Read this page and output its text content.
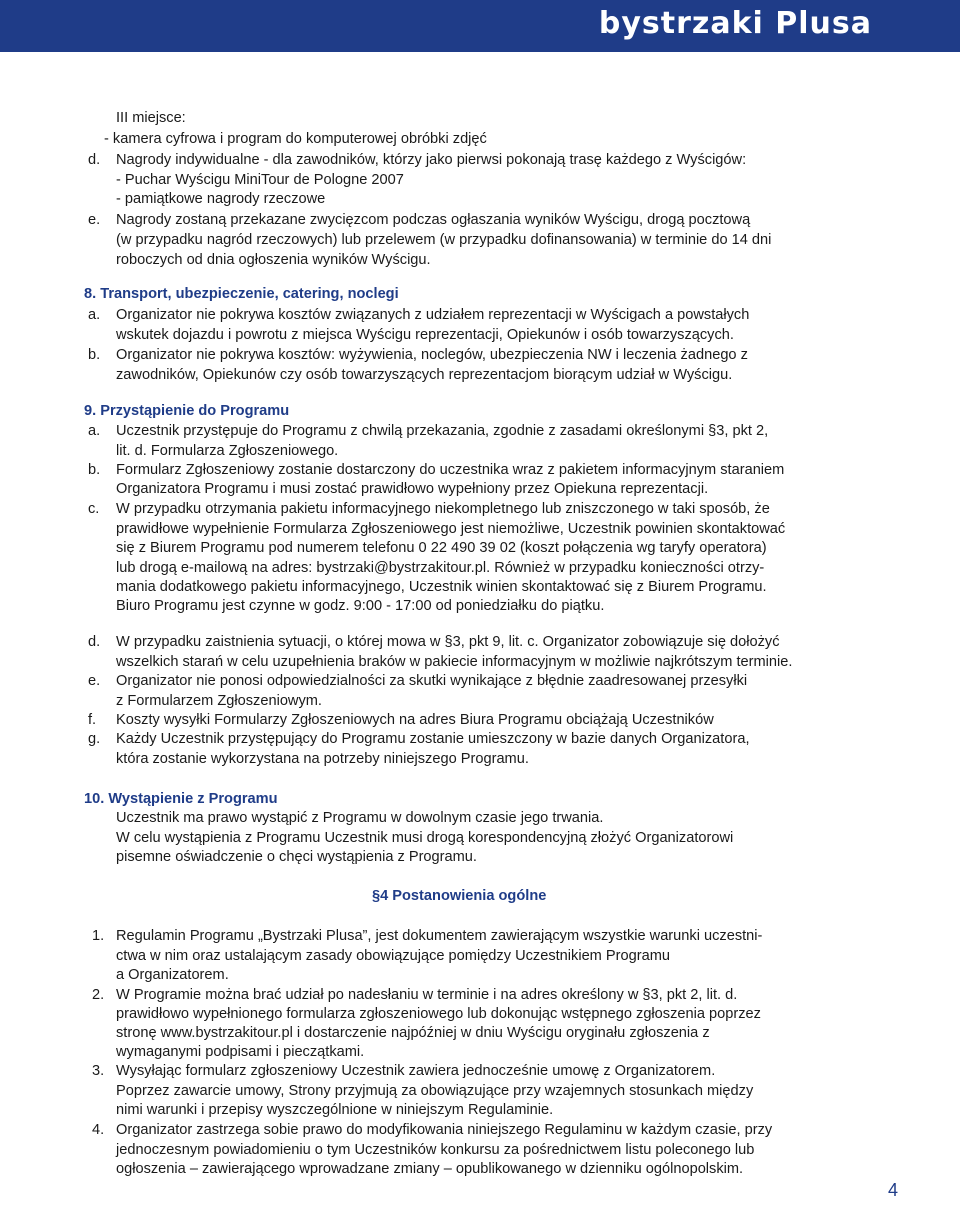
bystrzaki Plusa
III miejsce:
- kamera cyfrowa i program do komputerowej obróbki zdjęć
d. Nagrody indywidualne - dla zawodników, którzy jako pierwsi pokonają trasę każdego z Wyścigów:
- Puchar Wyścigu MiniTour de Pologne 2007
- pamiątkowe nagrody rzeczowe
e. Nagrody zostaną przekazane zwycięzcom podczas ogłaszania wyników Wyścigu, drogą pocztową
(w przypadku nagród rzeczowych) lub przelewem (w przypadku dofinansowania) w terminie do 14 dni
roboczych od dnia ogłoszenia wyników Wyścigu.
8. Transport, ubezpieczenie, catering, noclegi
a. Organizator nie pokrywa kosztów związanych z udziałem reprezentacji w Wyścigach a powstałych
wskutek dojazdu i powrotu z miejsca Wyścigu reprezentacji, Opiekunów i osób towarzyszących.
b. Organizator nie pokrywa kosztów: wyżywienia, noclegów, ubezpieczenia NW i leczenia żadnego z
zawodników, Opiekunów czy osób towarzyszących reprezentacjom biorącym udział w Wyścigu.
9. Przystąpienie do Programu
a. Uczestnik przystępuje do Programu z chwilą przekazania, zgodnie z zasadami określonymi §3, pkt 2,
lit. d. Formularza Zgłoszeniowego.
b. Formularz Zgłoszeniowy zostanie dostarczony do uczestnika wraz z pakietem informacyjnym staraniem
Organizatora Programu i musi zostać prawidłowo wypełniony przez Opiekuna reprezentacji.
c. W przypadku otrzymania pakietu informacyjnego niekompletnego lub zniszczonego w taki sposób, że
prawidłowe wypełnienie Formularza Zgłoszeniowego jest niemożliwe, Uczestnik powinien skontaktować
się z Biurem Programu pod numerem telefonu 0 22 490 39 02 (koszt połączenia wg taryfy operatora)
lub drogą e-mailową na adres: bystrzaki@bystrzakitour.pl. Również w przypadku konieczności otrzy-
mania dodatkowego pakietu informacyjnego, Uczestnik winien skontaktować się z Biurem Programu.
Biuro Programu jest czynne w godz. 9:00 - 17:00 od poniedziałku do piątku.
d. W przypadku zaistnienia sytuacji, o której mowa w §3, pkt 9, lit. c. Organizator zobowiązuje się dołożyć
wszelkich starań w celu uzupełnienia braków w pakiecie informacyjnym w możliwie najkrótszym terminie.
e. Organizator nie ponosi odpowiedzialności za skutki wynikające z błędnie zaadresowanej przesyłki
z Formularzem Zgłoszeniowym.
f. Koszty wysyłki Formularzy Zgłoszeniowych na adres Biura Programu obciążają Uczestników
g. Każdy Uczestnik przystępujący do Programu zostanie umieszczony w bazie danych Organizatora,
która zostanie wykorzystana na potrzeby niniejszego Programu.
10. Wystąpienie z Programu
Uczestnik ma prawo wystąpić z Programu w dowolnym czasie jego trwania.
W celu wystąpienia z Programu Uczestnik musi drogą korespondencyjną złożyć Organizatorowi
pisemne oświadczenie o chęci wystąpienia z Programu.
§4 Postanowienia ogólne
1. Regulamin Programu „Bystrzaki Plusa”, jest dokumentem zawierającym wszystkie warunki uczestni-
ctwa w nim oraz ustalającym zasady obowiązujące pomiędzy Uczestnikiem Programu
a Organizatorem.
2. W Programie można brać udział po nadesłaniu w terminie i na adres określony w §3, pkt 2, lit. d.
prawidłowo wypełnionego formularza zgłoszeniowego lub dokonując wstępnego zgłoszenia poprzez
stronę www.bystrzakitour.pl i dostarczenie najpóźniej w dniu Wyścigu oryginału zgłoszenia z
wymaganymi podpisami i pieczątkami.
3. Wysyłając formularz zgłoszeniowy Uczestnik zawiera jednocześnie umowę z Organizatorem.
Poprzez zawarcie umowy, Strony przyjmują za obowiązujące przy wzajemnych stosunkach między
nimi warunki i przepisy wyszczególnione w niniejszym Regulaminie.
4. Organizator zastrzega sobie prawo do modyfikowania niniejszego Regulaminu w każdym czasie, przy
jednoczesnym powiadomieniu o tym Uczestników konkursu za pośrednictwem listu poleconego lub
ogłoszenia – zawierającego wprowadzane zmiany – opublikowanego w dzienniku ogólnopolskim.
4
